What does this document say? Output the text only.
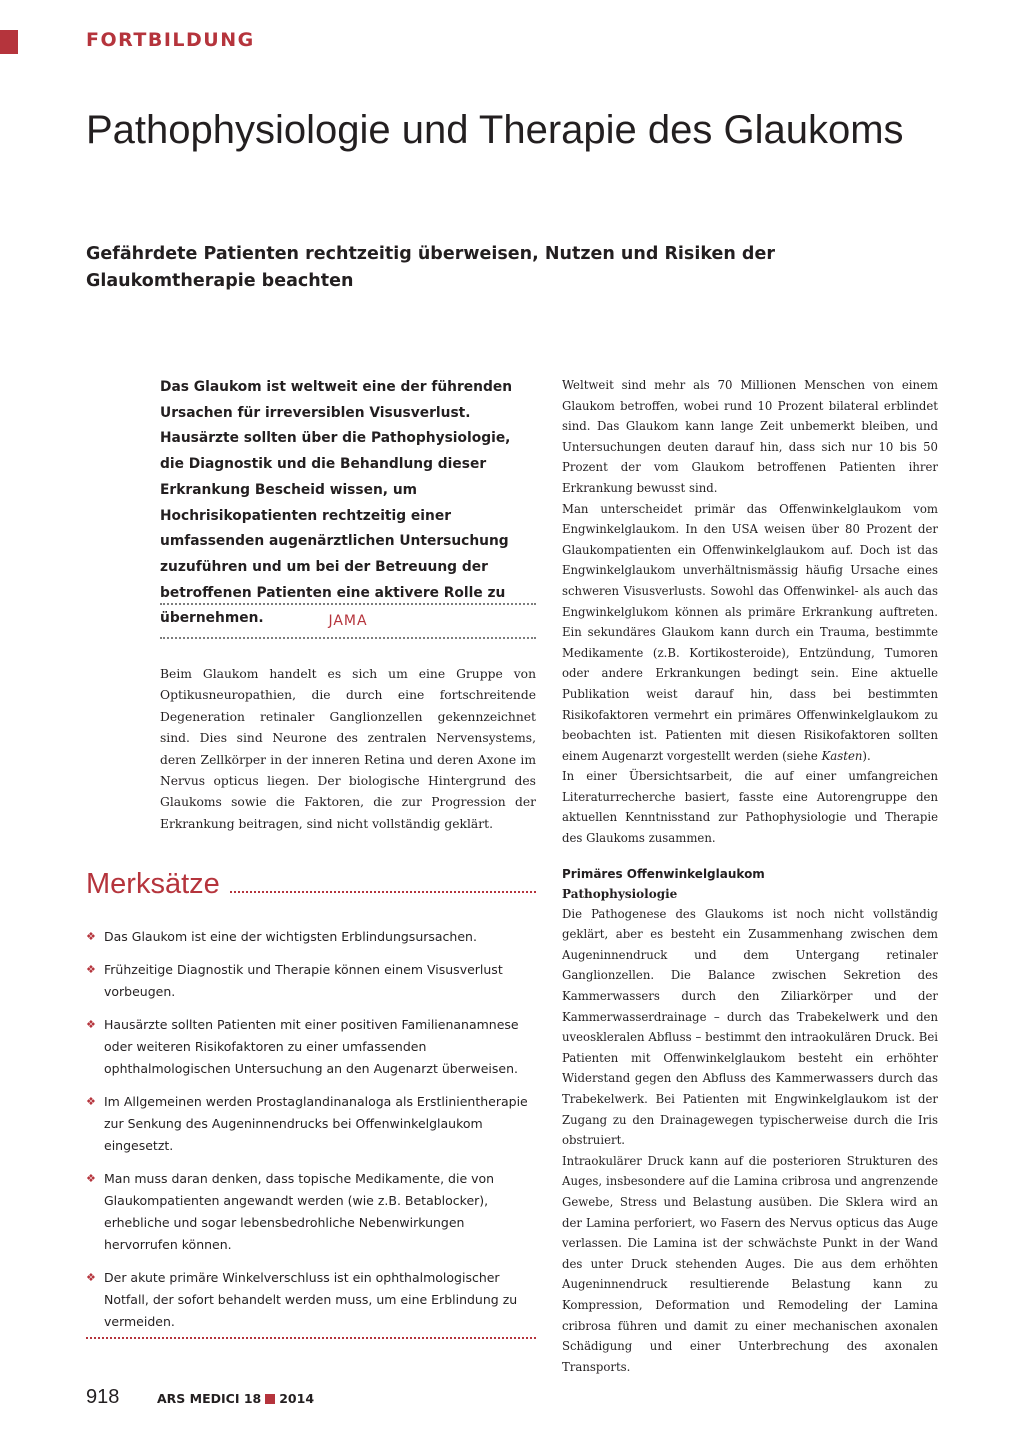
FORTBILDUNG
Pathophysiologie und Therapie des Glaukoms
Gefährdete Patienten rechtzeitig überweisen, Nutzen und Risiken der Glaukomtherapie beachten

Das Glaukom ist weltweit eine der führenden Ursachen für irreversiblen Visusverlust. Hausärzte sollten über die Pathophysiologie, die Diagnostik und die Behandlung dieser Erkrankung Bescheid wissen, um Hochrisikopatienten rechtzeitig einer umfassenden augenärztlichen Untersuchung zuzuführen und um bei der Betreuung der betroffenen Patienten eine aktivere Rolle zu übernehmen.	JAMA

Beim Glaukom handelt es sich um eine Gruppe von Optikusneuropathien, die durch eine fortschreitende Degeneration retinaler Ganglionzellen gekennzeichnet sind. Dies sind Neurone des zentralen Nervensystems, deren Zellkörper in der inneren Retina und deren Axone im Nervus opticus liegen. Der biologische Hintergrund des Glaukoms sowie die Faktoren, die zur Progression der Erkrankung beitragen, sind nicht vollständig geklärt.

Merksätze
❖ Das Glaukom ist eine der wichtigsten Erblindungsursachen.
❖ Frühzeitige Diagnostik und Therapie können einem Visusverlust vorbeugen.
❖ Hausärzte sollten Patienten mit einer positiven Familienanamnese oder weiteren Risikofaktoren zu einer umfassenden ophthalmologischen Untersuchung an den Augenarzt überweisen.
❖ Im Allgemeinen werden Prostaglandinanaloga als Erstlinientherapie zur Senkung des Augeninnendrucks bei Offenwinkelglaukom eingesetzt.
❖ Man muss daran denken, dass topische Medikamente, die von Glaukompatienten angewandt werden (wie z.B. Betablocker), erhebliche und sogar lebensbedrohliche Nebenwirkungen hervorrufen können.
❖ Der akute primäre Winkelverschluss ist ein ophthalmologischer Notfall, der sofort behandelt werden muss, um eine Erblindung zu vermeiden.

Weltweit sind mehr als 70 Millionen Menschen von einem Glaukom betroffen, wobei rund 10 Prozent bilateral erblindet sind. Das Glaukom kann lange Zeit unbemerkt bleiben, und Untersuchungen deuten darauf hin, dass sich nur 10 bis 50 Prozent der vom Glaukom betroffenen Patienten ihrer Erkrankung bewusst sind.

Man unterscheidet primär das Offenwinkelglaukom vom Engwinkelglaukom. In den USA weisen über 80 Prozent der Glaukompatienten ein Offenwinkelglaukom auf. Doch ist das Engwinkelglaukom unverhältnismässig häufig Ursache eines schweren Visusverlusts. Sowohl das Offenwinkel- als auch das Engwinkelglukom können als primäre Erkrankung auftreten. Ein sekundäres Glaukom kann durch ein Trauma, bestimmte Medikamente (z.B. Kortikosteroide), Entzündung, Tumoren oder andere Erkrankungen bedingt sein. Eine aktuelle Publikation weist darauf hin, dass bei bestimmten Risikofaktoren vermehrt ein primäres Offenwinkelglaukom zu beobachten ist. Patienten mit diesen Risikofaktoren sollten einem Augenarzt vorgestellt werden (siehe Kasten).

In einer Übersichtsarbeit, die auf einer umfangreichen Literaturrecherche basiert, fasste eine Autorengruppe den aktuellen Kenntnisstand zur Pathophysiologie und Therapie des Glaukoms zusammen.

Primäres Offenwinkelglaukom
Pathophysiologie

Die Pathogenese des Glaukoms ist noch nicht vollständig geklärt, aber es besteht ein Zusammenhang zwischen dem Augeninnendruck und dem Untergang retinaler Ganglionzellen. Die Balance zwischen Sekretion des Kammerwassers durch den Ziliarkörper und der Kammerwasserdrainage – durch das Trabekelwerk und den uveoskleralen Abfluss – bestimmt den intraokulären Druck. Bei Patienten mit Offenwinkelglaukom besteht ein erhöhter Widerstand gegen den Abfluss des Kammerwassers durch das Trabekelwerk. Bei Patienten mit Engwinkelglaukom ist der Zugang zu den Drainagewegen typischerweise durch die Iris obstruiert.

Intraokulärer Druck kann auf die posterioren Strukturen des Auges, insbesondere auf die Lamina cribrosa und angrenzende Gewebe, Stress und Belastung ausüben. Die Sklera wird an der Lamina perforiert, wo Fasern des Nervus opticus das Auge verlassen. Die Lamina ist der schwächste Punkt in der Wand des unter Druck stehenden Auges. Die aus dem erhöhten Augeninnendruck resultierende Belastung kann zu Kompression, Deformation und Remodeling der Lamina cribrosa führen und damit zu einer mechanischen axonalen Schädigung und einer Unterbrechung des axonalen Transports.

918	ARS MEDICI 18 2014
